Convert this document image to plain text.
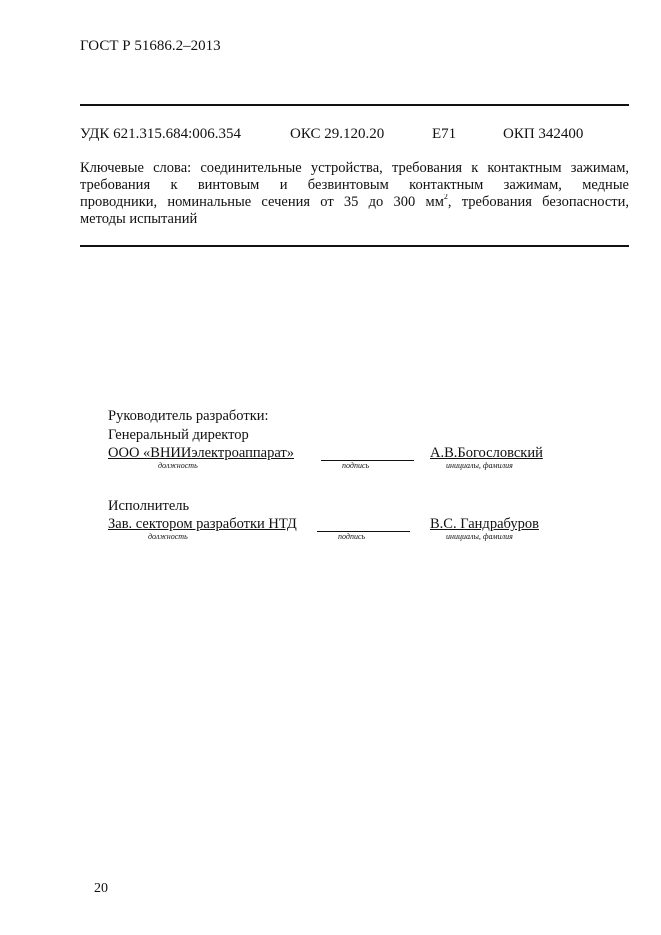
ГОСТ Р 51686.2–2013
УДК 621.315.684:006.354	ОКС 29.120.20	Е71	ОКП 342400
Ключевые слова: соединительные устройства, требования к контактным зажимам,
требования к винтовым и безвинтовым контактным зажимам, медные
проводники, номинальные сечения от 35 до 300 $мм^2$, требования безопасности,
методы испытаний
Руководитель разработки:
Генеральный директор
ООО «ВНИИэлектроаппарат»	А.В.Богословский
должность	подпись	инициалы, фамилия
Исполнитель
Зав. сектором разработки НТД	В.С. Гандрабуров
должность	подпись	инициалы, фамилия
20
